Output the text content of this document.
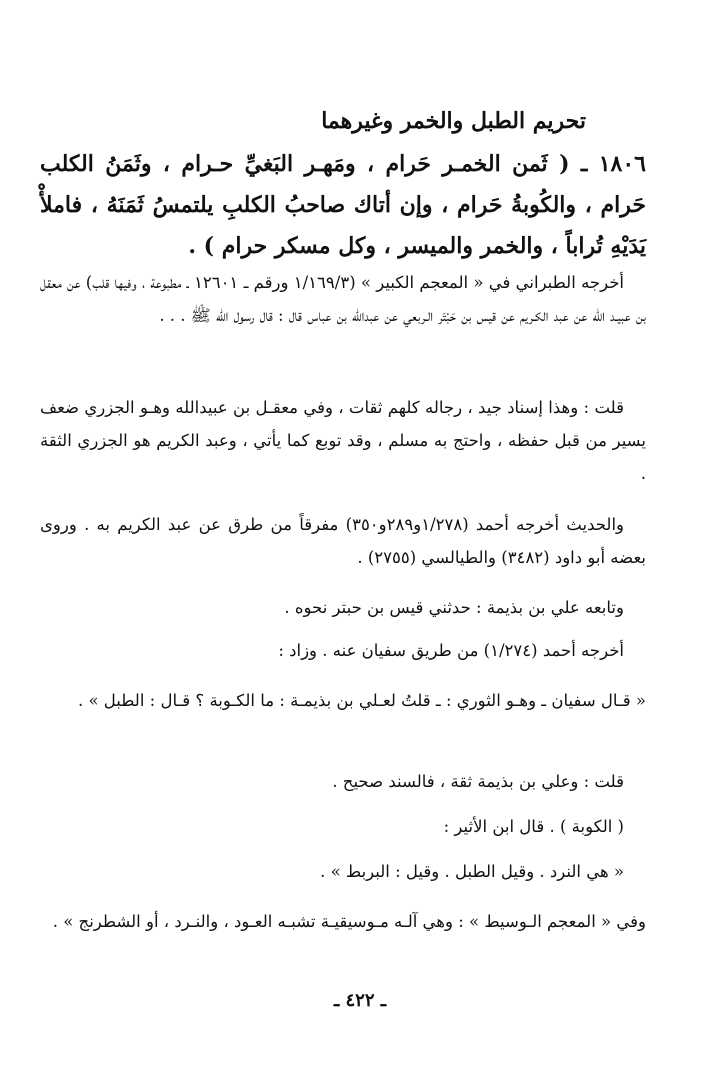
تحريم الطبل والخمر وغيرهما
١٨٠٦ ـ ( ثَمن الخمـر حَرام ، ومَهـر البَغيِّ حـرام ، وثَمَنُ الكلب حَرام ، والكُوبةُ حَرام ، وإن أتاك صاحبُ الكلبِ يلتمسُ ثَمَنَهُ ، فاملأْ يَدَيْهِ تُراباً ، والخمر والميسر ، وكل مسكر حرام ) .
أخرجه الطبراني في « المعجم الكبير » (١/١٦٩/٣ ورقم ـ ١٢٦٠١ ـ مطبوعة ، وفيها قلب) عن معقل بن عبيـد الله عن عبد الكـريم عن قيس بن حَبْتَر الـربعي عن عبدالله بن عباس قال : قال رسول الله ﷺ . . .
قلت : وهذا إسناد جيد ، رجاله كلهم ثقات ، وفي معقـل بن عبيدالله وهـو الجزري ضعف يسير من قبل حفظه ، واحتج به مسلم ، وقد توبع كما يأتي ، وعبد الكريم هو الجزري الثقة .
والحديث أخرجه أحمد (١/٢٧٨و٢٨٩و٣٥٠) مفرقاً من طرق عن عبد الكريم به . وروى بعضه أبو داود (٣٤٨٢) والطيالسي (٢٧٥٥) .
وتابعه علي بن بذيمة : حدثني قيس بن حبتر نحوه .
أخرجه أحمد (١/٢٧٤) من طريق سفيان عنه . وزاد :
« قـال سفيان ـ وهـو الثوري : ـ قلتُ لعـلي بن بذيمـة : ما الكـوبة ؟ قـال : الطبل » .
قلت : وعلي بن بذيمة ثقة ، فالسند صحيح .
( الكوبة ) . قال ابن الأثير :
« هي النرد . وقيل الطبل . وقيل : البربط » .
وفي « المعجم الـوسيط » : وهي آلـه مـوسيقيـة تشبـه العـود ، والنـرد ، أو الشطرنج » .
ـ ٤٢٢ ـ
